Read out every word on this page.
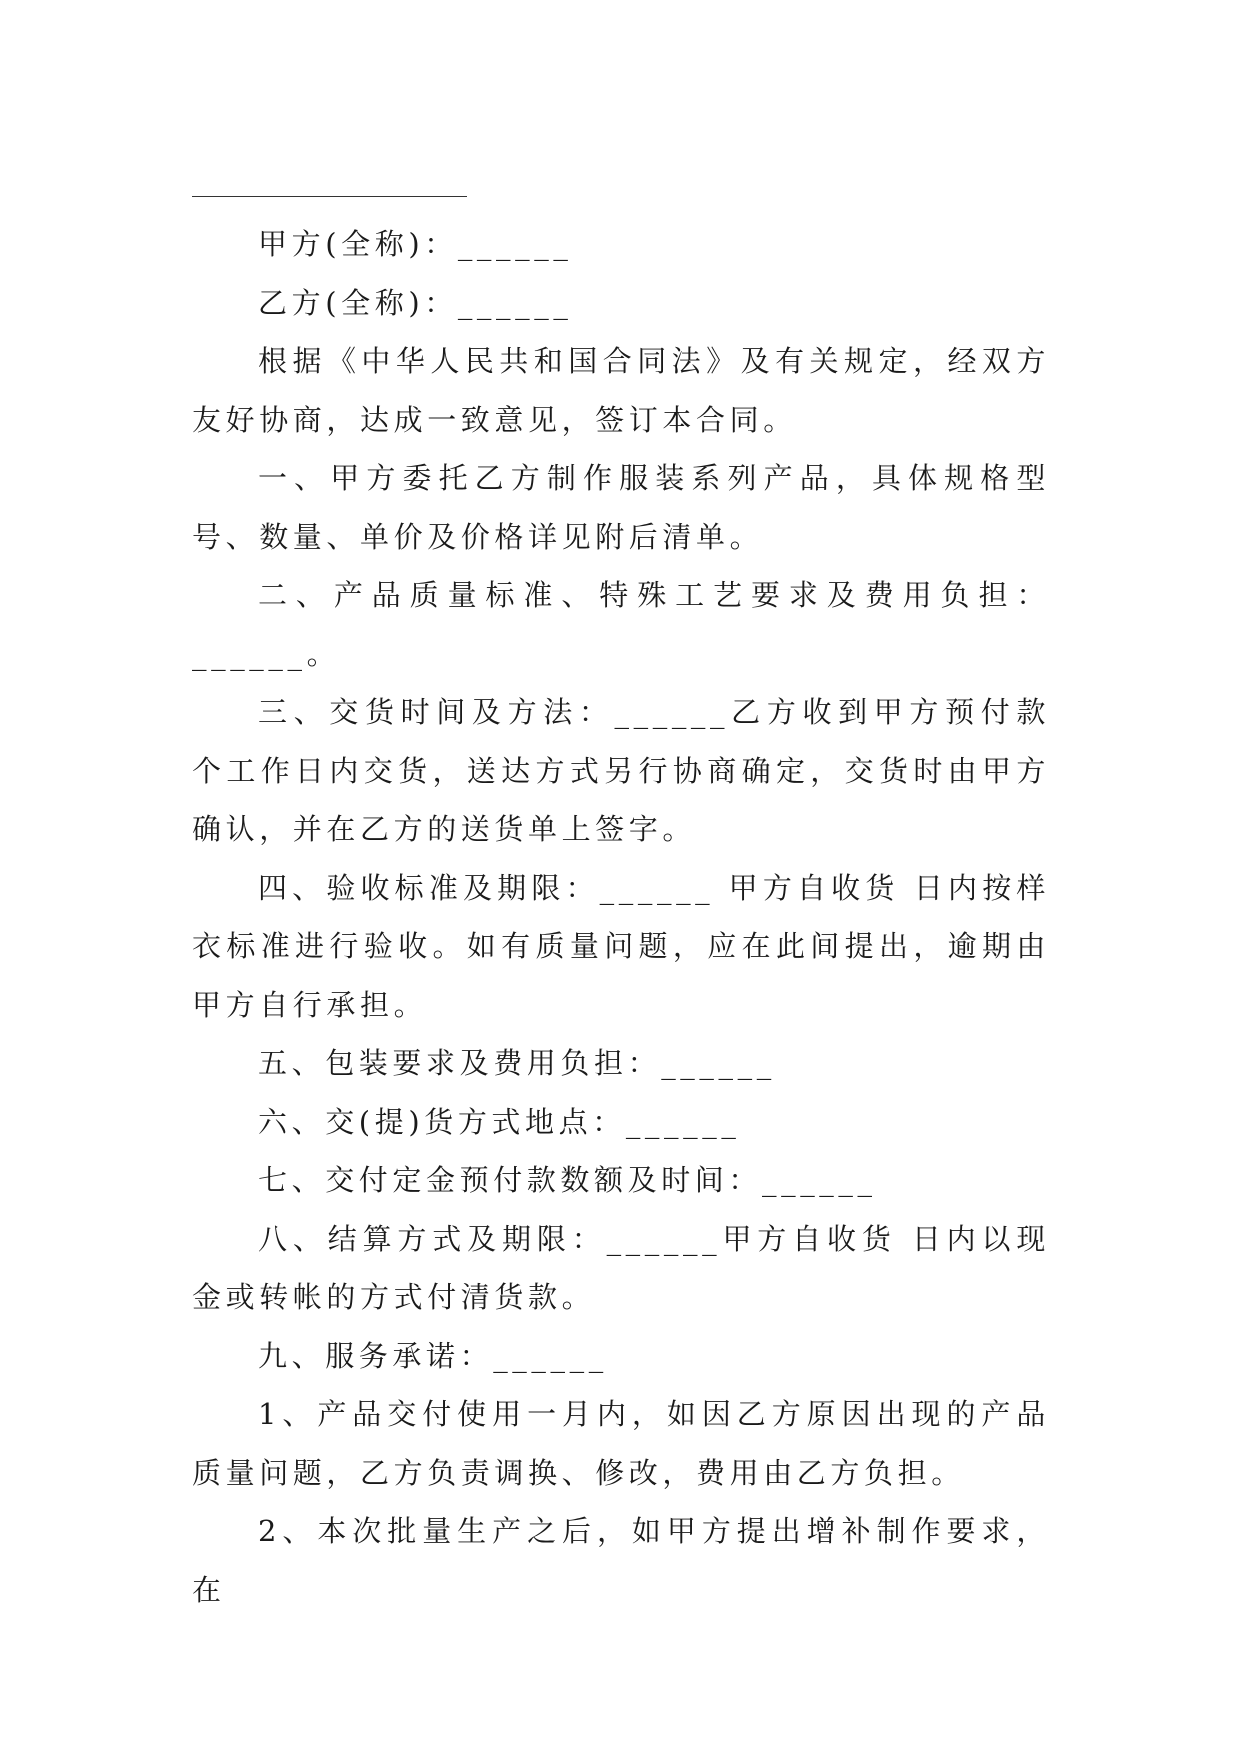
甲方(全称)：______

乙方(全称)：______

根据《中华人民共和国合同法》及有关规定，经双方友好协商，达成一致意见，签订本合同。

一、甲方委托乙方制作服装系列产品，具体规格型号、数量、单价及价格详见附后清单。

二、产品质量标准、特殊工艺要求及费用负担：______。

三、交货时间及方法：______乙方收到甲方预付款 个工作日内交货，送达方式另行协商确定，交货时由甲方确认，并在乙方的送货单上签字。

四、验收标准及期限：______ 甲方自收货 日内按样衣标准进行验收。如有质量问题，应在此间提出，逾期由甲方自行承担。

五、包装要求及费用负担：______

六、交(提)货方式地点：______

七、交付定金预付款数额及时间：______

八、结算方式及期限：______甲方自收货 日内以现金或转帐的方式付清货款。

九、服务承诺：______

1、产品交付使用一月内，如因乙方原因出现的产品质量问题，乙方负责调换、修改，费用由乙方负担。

2、本次批量生产之后，如甲方提出增补制作要求，在
